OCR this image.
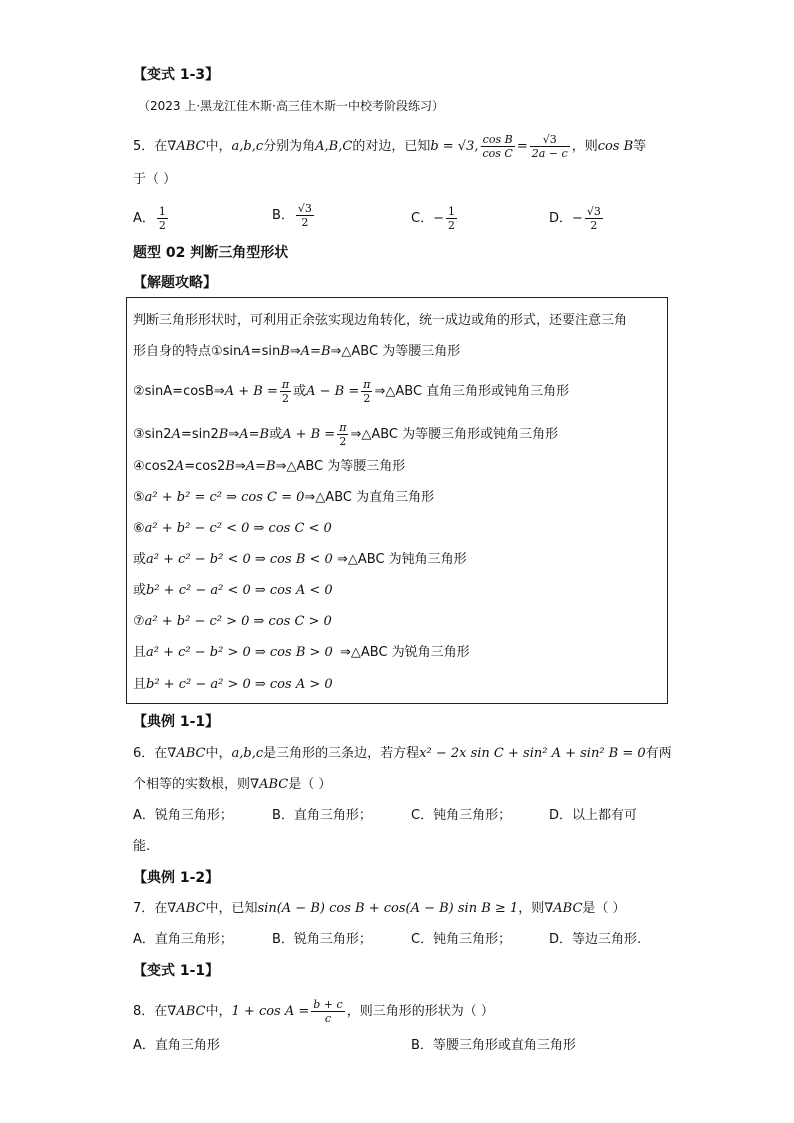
【变式 1-3】
（2023 上·黑龙江佳木斯·高三佳木斯一中校考阶段练习）
5．在∇ABC中，a,b,c分别为角A,B,C的对边，已知b = √3, $\frac{\text{cos B}}{\text{cos C}} = \frac{√3}{2a - c}$ ，则cos B等
于（ ）
A． $\frac{1}{2}$	B． $\frac{√3}{2}$	C．− $\frac{1}{2}$	D．− $\frac{√3}{2}$
题型 02 判断三角型形状
【解题攻略】
判断三角形形状时，可利用正余弦实现边角转化，统一成边或角的形式，还要注意三角
形自身的特点①sinA=sinB⇒A=B⇒△ABC 为等腰三角形
②sinA=cosB⇒A + $B = \frac{\pi}{2}$ 或$A - B = \frac{\pi}{2}$ ⇒△ABC 直角三角形或钝角三角形
③sin2A=sin2B⇒A=B或$A + B = \frac{\pi}{2}$ ⇒△ABC 为等腰三角形或钝角三角形
④cos2A=cos2B⇒A=B⇒△ABC 为等腰三角形
⑤a² + b² = c² ⇒ cos C = 0⇒△ABC 为直角三角形
⑥a² + b² − c² < 0 ⇒ cos C < 0
或a² + c² − b² < 0 ⇒ cos B < 0 ⇒△ABC 为钝角三角形
或b² + c² − a² < 0 ⇒ cos A < 0
⑦a² + b² − c² > 0 ⇒ cos C > 0
且a² + c² − b² > 0 ⇒ cos B > 0 ⇒△ABC 为锐角三角形
且b² + c² − a² > 0 ⇒ cos A > 0
【典例 1-1】
6．在∇ABC中，a,b,c是三角形的三条边，若方程x² − 2x sin C + sin² A + sin² B = 0有两
个相等的实数根，则∇ABC是（ ）
A．锐角三角形；	B．直角三角形；	C．钝角三角形；	D．以上都有可
能.
【典例 1-2】
7．在∇ABC中，已知sin(A − B) cos B + cos(A − B) sin B ≥ 1，则∇ABC是（ ）
A．直角三角形；	B．锐角三角形；	C．钝角三角形；	D．等边三角形.
【变式 1-1】
8．在∇ABC中，$1 + \cos A = \frac{b + c}{c}$ ，则三角形的形状为（ ）
A．直角三角形	B．等腰三角形或直角三角形
